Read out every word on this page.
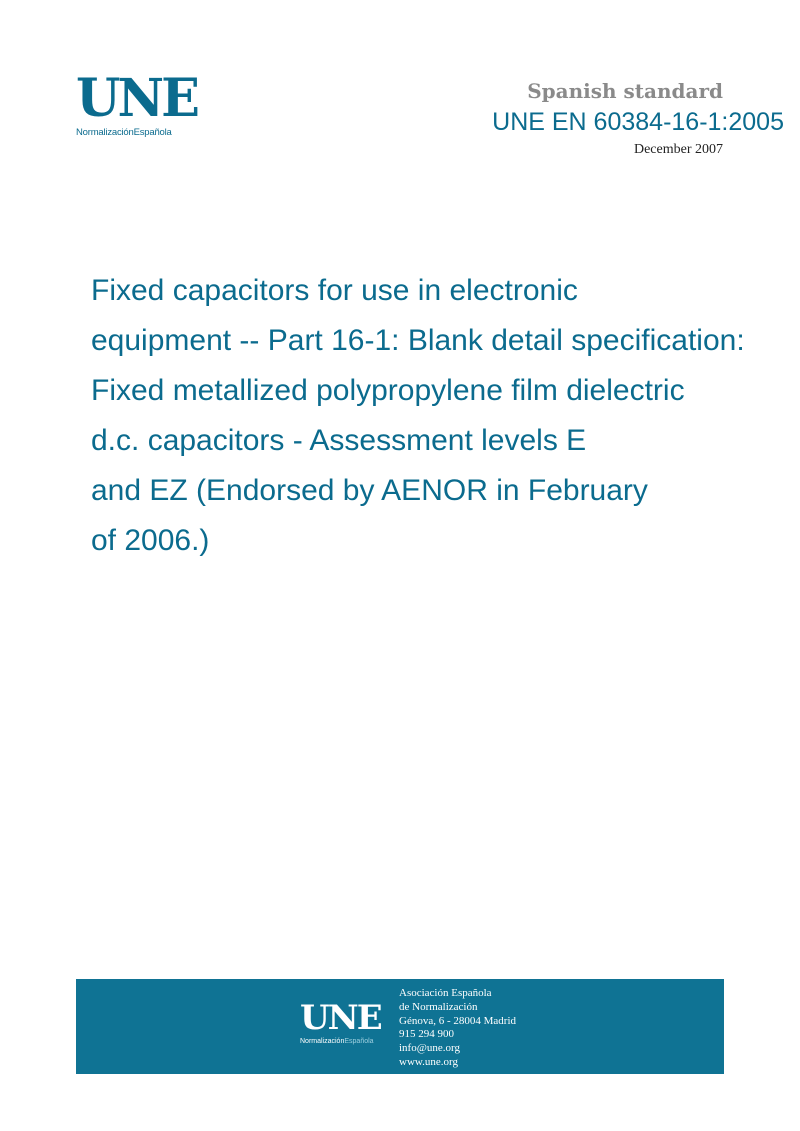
UNE
NormalizaciónEspañola
Spanish standard
UNE EN 60384-16-1:2005
December 2007
Fixed capacitors for use in electronic
equipment -- Part 16-1: Blank detail specification:
Fixed metallized polypropylene film dielectric
d.c. capacitors - Assessment levels E
and EZ (Endorsed by AENOR in February
of 2006.)
UNE
NormalizaciónEspañola
Asociación Española
de Normalización
Génova, 6 - 28004 Madrid
915 294 900
info@une.org
www.une.org
